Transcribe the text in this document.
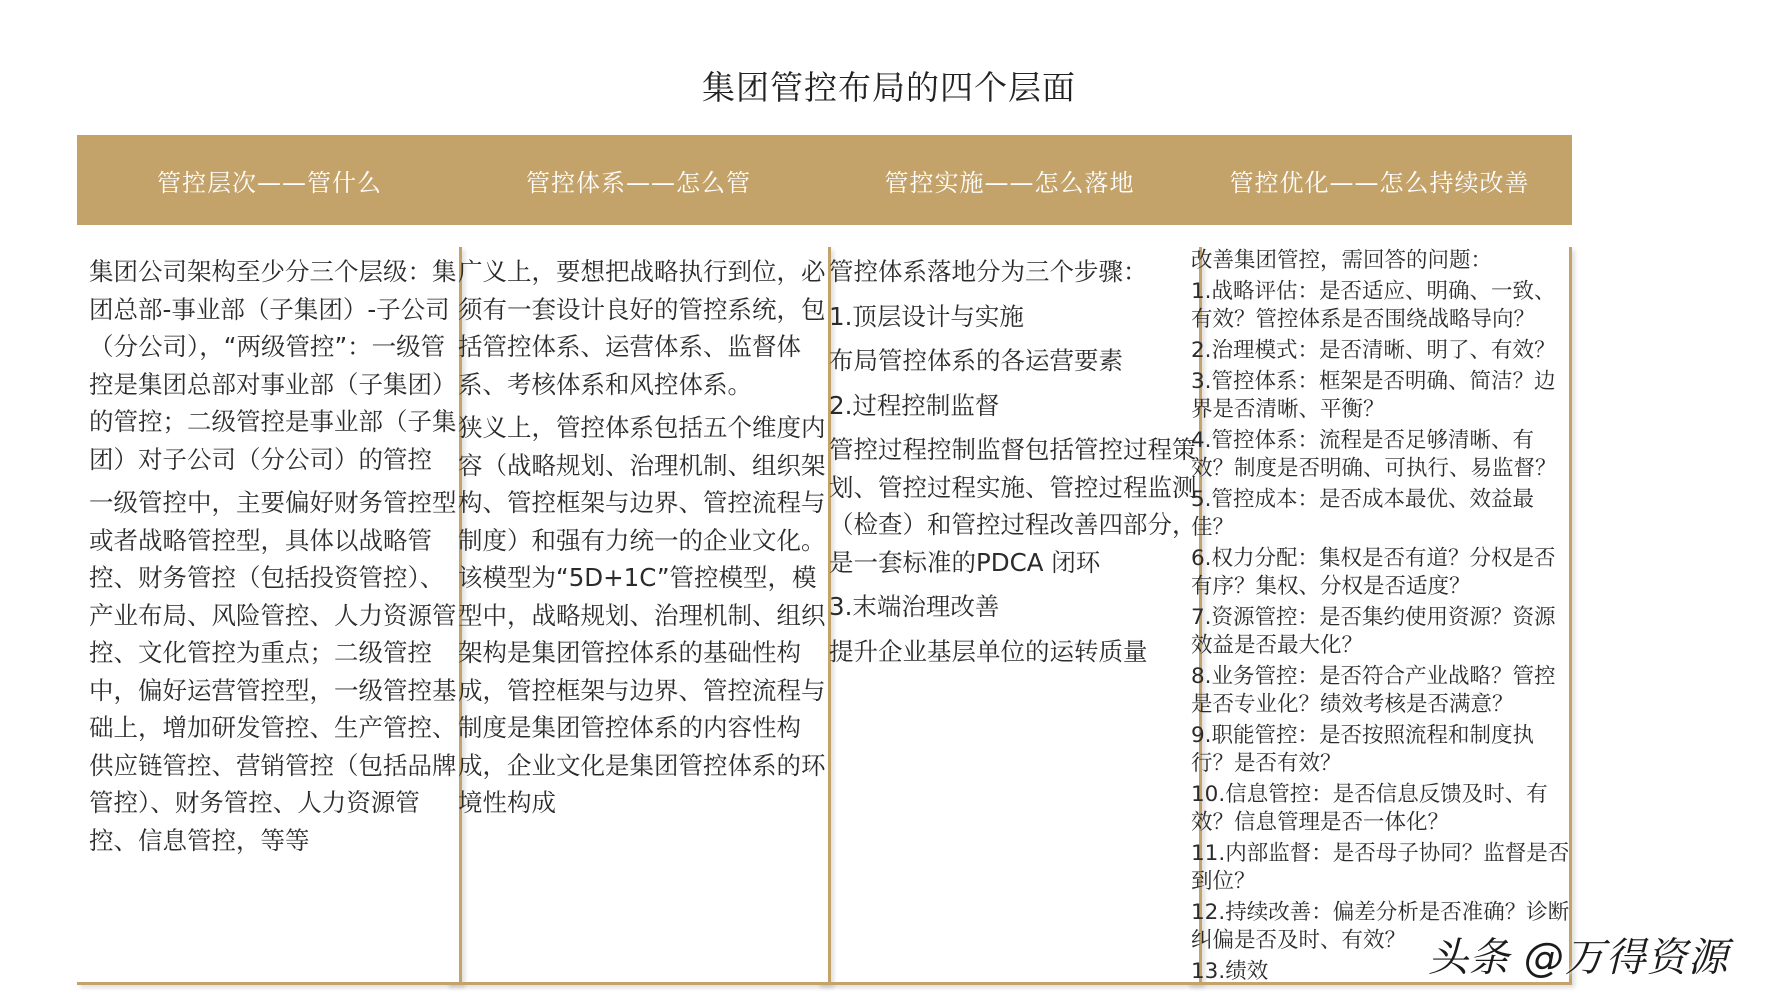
集团管控布局的四个层面
管控层次——管什么

集团公司架构至少分三个层级：集团总部-事业部（子集团）-子公司（分公司），“两级管控”：一级管控是集团总部对事业部（子集团）的管控；二级管控是事业部（子集团）对子公司（分公司）的管控

一级管控中，主要偏好财务管控型或者战略管控型，具体以战略管控、财务管控（包括投资管控）、产业布局、风险管控、人力资源管控、文化管控为重点；二级管控中，偏好运营管控型，一级管控基础上，增加研发管控、生产管控、供应链管控、营销管控（包括品牌管控）、财务管控、人力资源管控、信息管控，等等

管控体系——怎么管

广义上，要想把战略执行到位，必须有一套设计良好的管控系统，包括管控体系、运营体系、监督体系、考核体系和风控体系。

狭义上，管控体系包括五个维度内容（战略规划、治理机制、组织架构、管控框架与边界、管控流程与制度）和强有力统一的企业文化。该模型为“5D+1C”管控模型，模型中，战略规划、治理机制、组织架构是集团管控体系的基础性构成，管控框架与边界、管控流程与制度是集团管控体系的内容性构成，企业文化是集团管控体系的环境性构成

管控实施——怎么落地

管控体系落地分为三个步骤：

1.顶层设计与实施

布局管控体系的各运营要素

2.过程控制监督

管控过程控制监督包括管控过程策划、管控过程实施、管控过程监测（检查）和管控过程改善四部分，是一套标准的PDCA 闭环

3.末端治理改善

提升企业基层单位的运转质量

管控优化——怎么持续改善

改善集团管控，需回答的问题：

1.战略评估：是否适应、明确、一致、有效？管控体系是否围绕战略导向？

2.治理模式：是否清晰、明了、有效？

3.管控体系：框架是否明确、简洁？边界是否清晰、平衡？

4.管控体系：流程是否足够清晰、有效？制度是否明确、可执行、易监督？

5.管控成本：是否成本最优、效益最佳？

6.权力分配：集权是否有道？分权是否有序？集权、分权是否适度？

7.资源管控：是否集约使用资源？资源效益是否最大化？

8.业务管控：是否符合产业战略？管控是否专业化？绩效考核是否满意？

9.职能管控：是否按照流程和制度执行？是否有效？

10.信息管控：是否信息反馈及时、有效？信息管理是否一体化？

11.内部监督：是否母子协同？监督是否到位？

12.持续改善：偏差分析是否准确？诊断纠偏是否及时、有效？

13.绩效	头条 @万得资源
